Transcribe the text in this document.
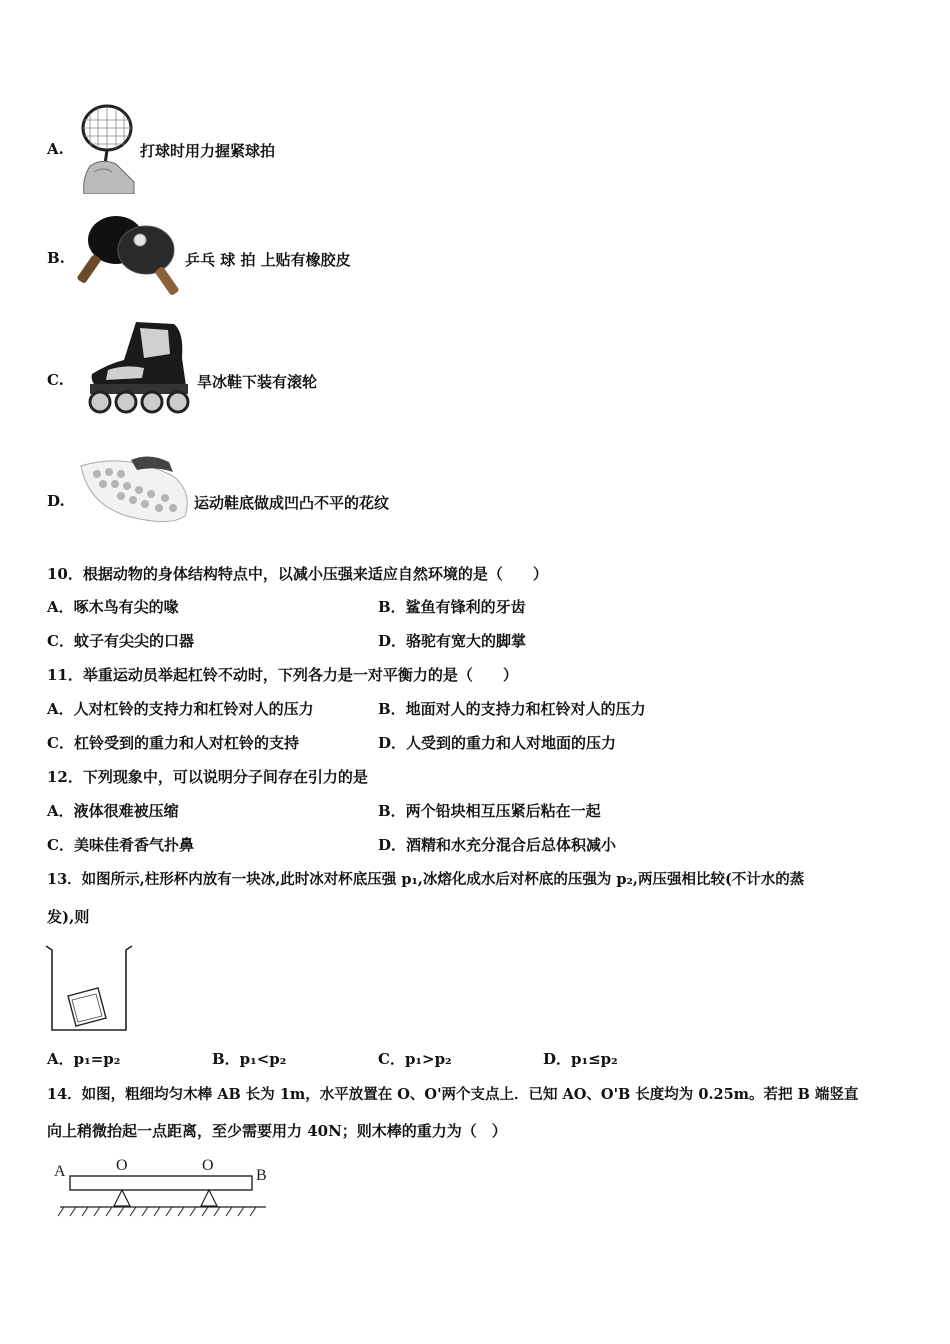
A.	打球时用力握紧球拍
B.	乒乓 球 拍 上贴有橡胶皮
C.	旱冰鞋下装有滚轮
D.	运动鞋底做成凹凸不平的花纹
10．根据动物的身体结构特点中，以减小压强来适应自然环境的是（　　）
A．啄木鸟有尖的喙	B．鲨鱼有锋利的牙齿
C．蚊子有尖尖的口器	D．骆驼有宽大的脚掌
11．举重运动员举起杠铃不动时，下列各力是一对平衡力的是（　　）
A．人对杠铃的支持力和杠铃对人的压力	B．地面对人的支持力和杠铃对人的压力
C．杠铃受到的重力和人对杠铃的支持	D．人受到的重力和人对地面的压力
12．下列现象中，可以说明分子间存在引力的是
A．液体很难被压缩	B．两个铅块相互压紧后粘在一起
C．美味佳肴香气扑鼻	D．酒精和水充分混合后总体积减小
13．如图所示,柱形杯内放有一块冰,此时冰对杯底压强 p₁,冰熔化成水后对杯底的压强为 p₂,两压强相比较(不计水的蒸
发),则
A．p₁=p₂	B．p₁<p₂	C．p₁>p₂	D．p₁≤p₂
14．如图，粗细均匀木棒 AB 长为 1m，水平放置在 O、O'两个支点上．已知 AO、O'B 长度均为 0.25m。若把 B 端竖直
向上稍微抬起一点距离，至少需要用力 40N；则木棒的重力为（　）
A	O	O
B
